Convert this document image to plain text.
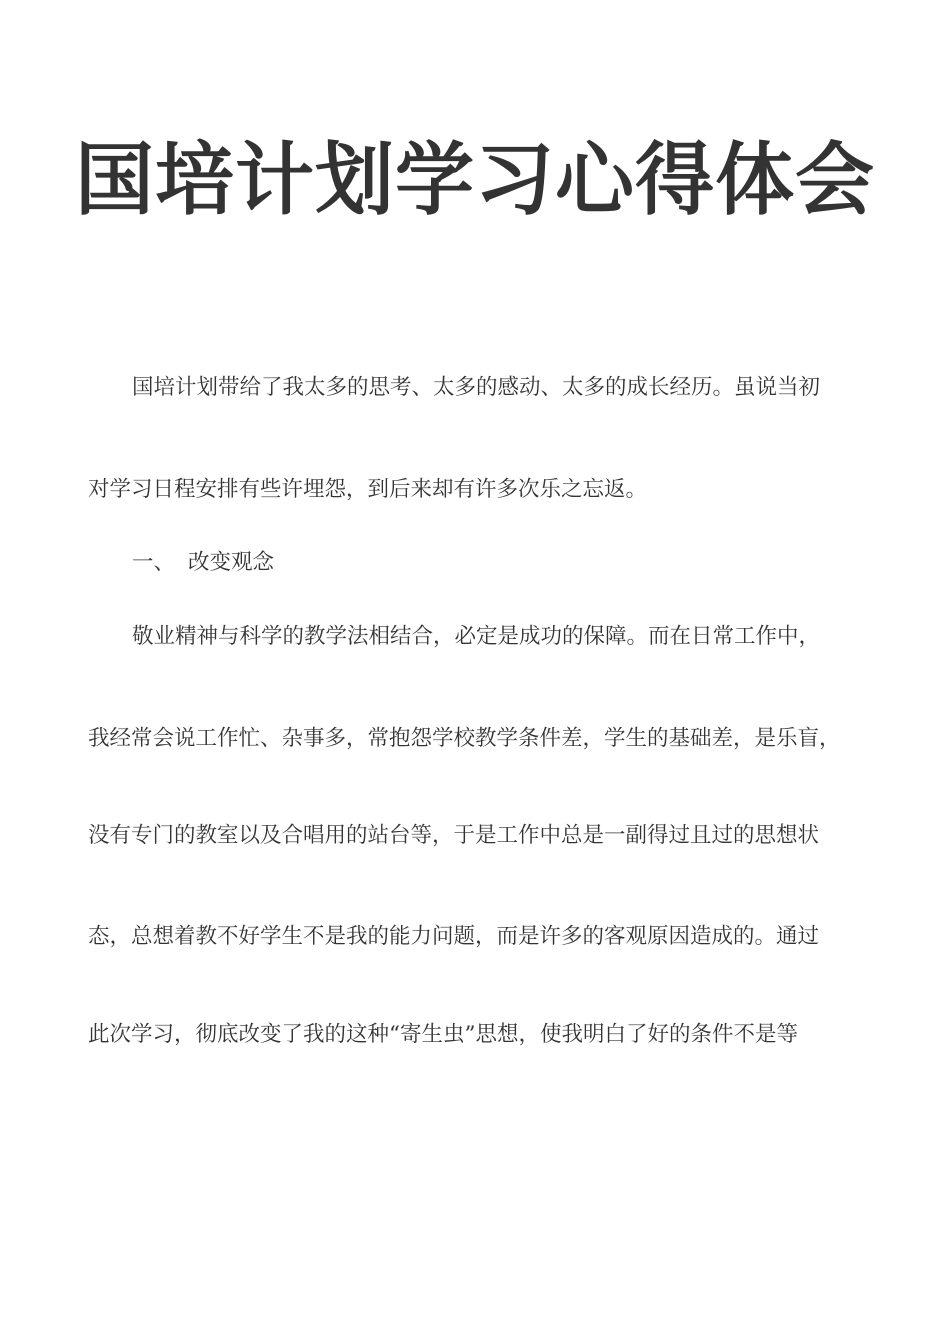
国培计划学习心得体会
国培计划带给了我太多的思考、太多的感动、太多的成长经历。虽说当初
对学习日程安排有些许埋怨，到后来却有许多次乐之忘返。
一、 改变观念
敬业精神与科学的教学法相结合，必定是成功的保障。而在日常工作中，
我经常会说工作忙、杂事多，常抱怨学校教学条件差，学生的基础差，是乐盲，
没有专门的教室以及合唱用的站台等，于是工作中总是一副得过且过的思想状
态，总想着教不好学生不是我的能力问题，而是许多的客观原因造成的。通过
此次学习，彻底改变了我的这种“寄生虫”思想，使我明白了好的条件不是等
